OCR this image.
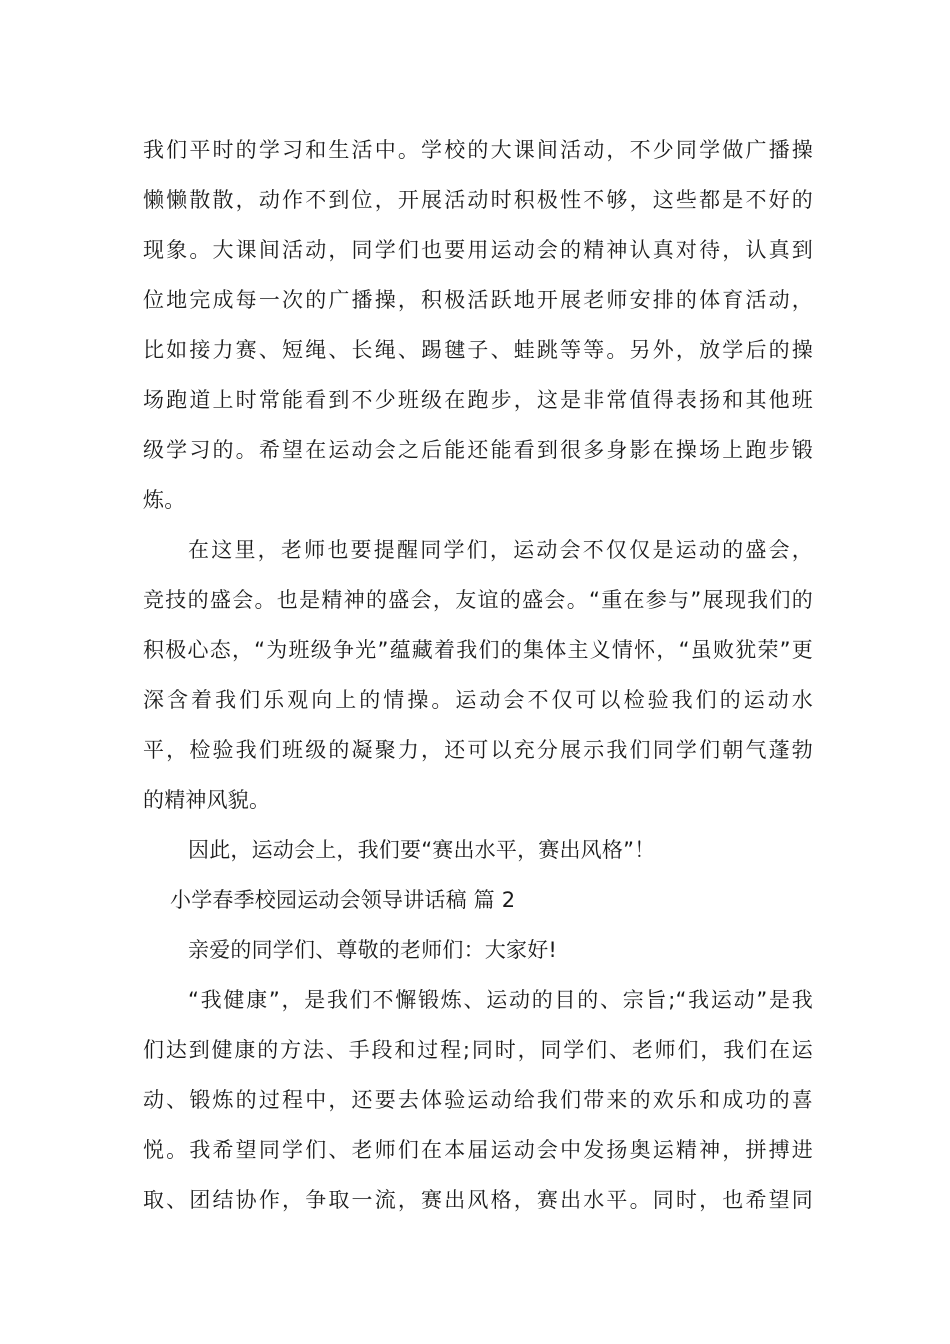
我们平时的学习和生活中。学校的大课间活动，不少同学做广播操
懒懒散散，动作不到位，开展活动时积极性不够，这些都是不好的
现象。大课间活动，同学们也要用运动会的精神认真对待，认真到
位地完成每一次的广播操，积极活跃地开展老师安排的体育活动，
比如接力赛、短绳、长绳、踢毽子、蛙跳等等。另外，放学后的操
场跑道上时常能看到不少班级在跑步，这是非常值得表扬和其他班
级学习的。希望在运动会之后能还能看到很多身影在操场上跑步锻
炼。
在这里，老师也要提醒同学们，运动会不仅仅是运动的盛会，
竞技的盛会。也是精神的盛会，友谊的盛会。“重在参与”展现我们的
积极心态，“为班级争光”蕴藏着我们的集体主义情怀，“虽败犹荣”更
深含着我们乐观向上的情操。运动会不仅可以检验我们的运动水
平，检验我们班级的凝聚力，还可以充分展示我们同学们朝气蓬勃
的精神风貌。
因此，运动会上，我们要“赛出水平，赛出风格”！
小学春季校园运动会领导讲话稿 篇 2
亲爱的同学们、尊敬的老师们：大家好!
“我健康”，是我们不懈锻炼、运动的目的、宗旨;“我运动”是我
们达到健康的方法、手段和过程;同时，同学们、老师们，我们在运
动、锻炼的过程中，还要去体验运动给我们带来的欢乐和成功的喜
悦。我希望同学们、老师们在本届运动会中发扬奥运精神，拼搏进
取、团结协作，争取一流，赛出风格，赛出水平。同时，也希望同
